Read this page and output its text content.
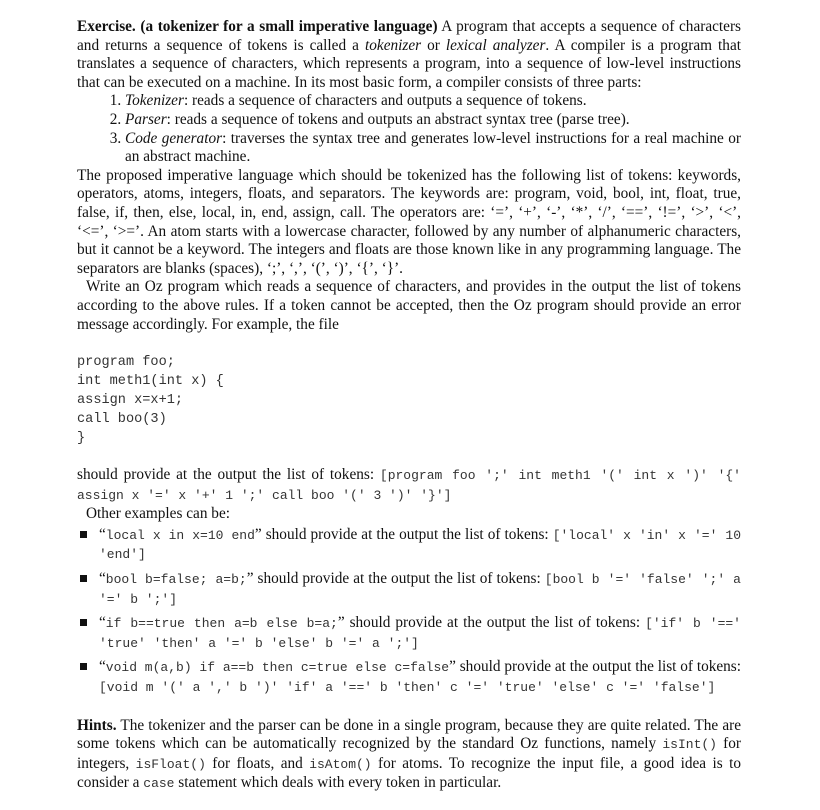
Exercise. (a tokenizer for a small imperative language) A program that accepts a sequence of characters and returns a sequence of tokens is called a tokenizer or lexical analyzer. A compiler is a program that translates a sequence of characters, which represents a program, into a sequence of low-level instructions that can be executed on a machine. In its most basic form, a compiler consists of three parts:

1. Tokenizer: reads a sequence of characters and outputs a sequence of tokens.
2. Parser: reads a sequence of tokens and outputs an abstract syntax tree (parse tree).
3. Code generator: traverses the syntax tree and generates low-level instructions for a real machine or an abstract machine.

The proposed imperative language which should be tokenized has the following list of tokens: keywords, operators, atoms, integers, floats, and separators. The keywords are: program, void, bool, int, float, true, false, if, then, else, local, in, end, assign, call. The operators are: ‘=’, ‘+’, ‘-’, ‘*’, ‘/’, ‘==’, ‘!=’, ‘>’, ‘<’, ‘<=’, ‘>=’. An atom starts with a lowercase character, followed by any number of alphanumeric characters, but it cannot be a keyword. The integers and floats are those known like in any programming language. The separators are blanks (spaces), ‘;’, ‘,’, ‘(’, ‘)’, ‘{’, ‘}’.

Write an Oz program which reads a sequence of characters, and provides in the output the list of tokens according to the above rules. If a token cannot be accepted, then the Oz program should provide an error message accordingly. For example, the file

program foo;
int meth1(int x) {
assign x=x+1;
call boo(3)
}

should provide at the output the list of tokens: [program foo ';' int meth1 '(' int x ')' '{' assign x '=' x '+' 1 ';' call boo '(' 3 ')' '}']

Other examples can be:

“local x in x=10 end” should provide at the output the list of tokens: ['local' x 'in' x '=' 10 'end']
“bool b=false; a=b;” should provide at the output the list of tokens: [bool b '=' 'false' ';' a '=' b ';']
“if b==true then a=b else b=a;” should provide at the output the list of tokens: ['if' b '==' 'true' 'then' a '=' b 'else' b '=' a ';']
“void m(a,b) if a==b then c=true else c=false” should provide at the output the list of tokens: [void m '(' a ',' b ')' 'if' a '==' b 'then' c '=' 'true' 'else' c '=' 'false']

Hints. The tokenizer and the parser can be done in a single program, because they are quite related. The are some tokens which can be automatically recognized by the standard Oz functions, namely isInt() for integers, isFloat() for floats, and isAtom() for atoms. To recognize the input file, a good idea is to consider a case statement which deals with every token in particular.
